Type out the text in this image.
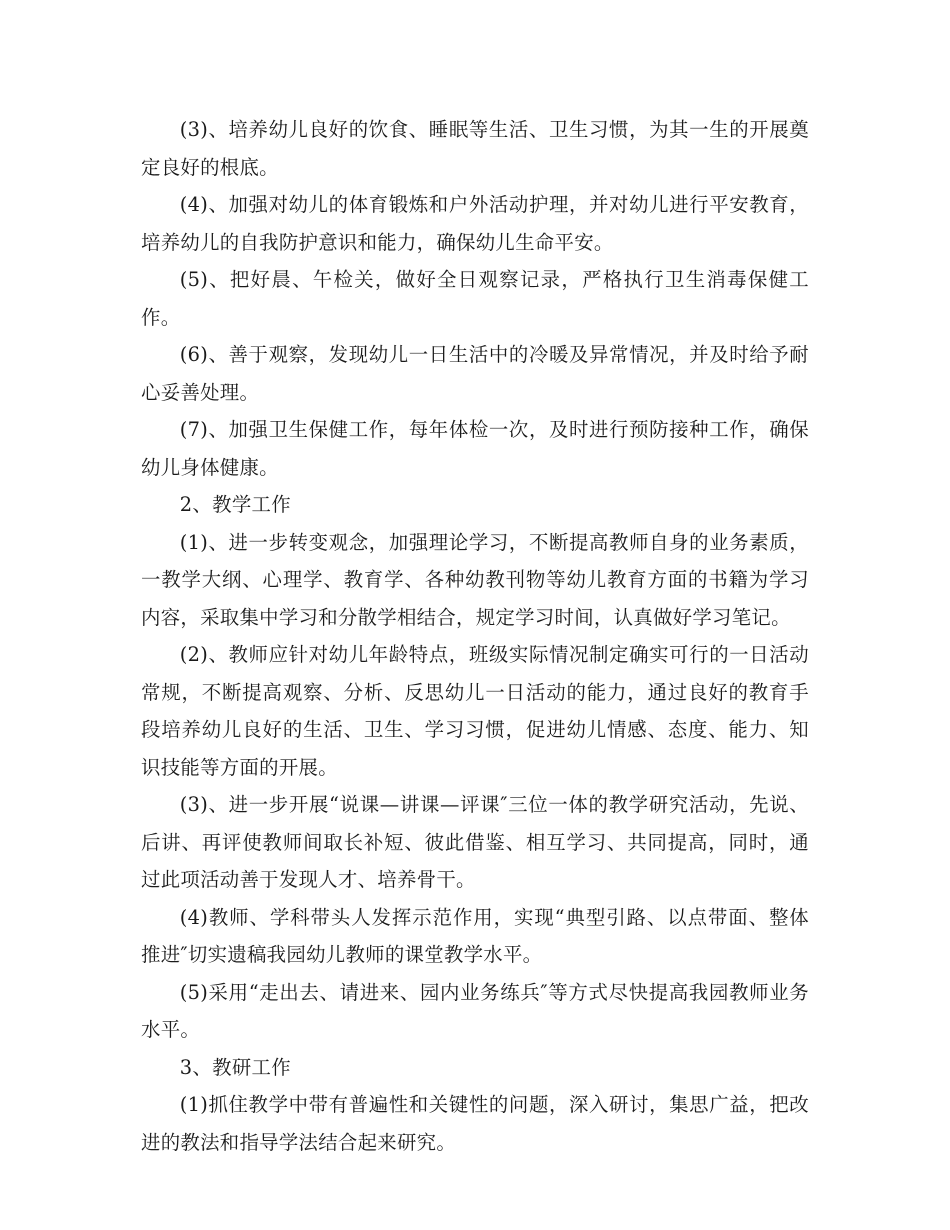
(3)、培养幼儿良好的饮食、睡眠等生活、卫生习惯，为其一生的开展奠定良好的根底。

(4)、加强对幼儿的体育锻炼和户外活动护理，并对幼儿进行平安教育，培养幼儿的自我防护意识和能力，确保幼儿生命平安。

(5)、把好晨、午检关，做好全日观察记录，严格执行卫生消毒保健工作。

(6)、善于观察，发现幼儿一日生活中的冷暖及异常情况，并及时给予耐心妥善处理。

(7)、加强卫生保健工作，每年体检一次，及时进行预防接种工作，确保幼儿身体健康。

2、教学工作

(1)、进一步转变观念，加强理论学习，不断提高教师自身的业务素质，一教学大纲、心理学、教育学、各种幼教刊物等幼儿教育方面的书籍为学习内容，采取集中学习和分散学相结合，规定学习时间，认真做好学习笔记。

(2)、教师应针对幼儿年龄特点，班级实际情况制定确实可行的一日活动常规，不断提高观察、分析、反思幼儿一日活动的能力，通过良好的教育手段培养幼儿良好的生活、卫生、学习习惯，促进幼儿情感、态度、能力、知识技能等方面的开展。

(3)、进一步开展“说课—讲课—评课″三位一体的教学研究活动，先说、后讲、再评使教师间取长补短、彼此借鉴、相互学习、共同提高，同时，通过此项活动善于发现人才、培养骨干。

(4)教师、学科带头人发挥示范作用，实现“典型引路、以点带面、整体推进″切实遗稿我园幼儿教师的课堂教学水平。

(5)采用“走出去、请进来、园内业务练兵″等方式尽快提高我园教师业务水平。

3、教研工作

(1)抓住教学中带有普遍性和关键性的问题，深入研讨，集思广益，把改进的教法和指导学法结合起来研究。
